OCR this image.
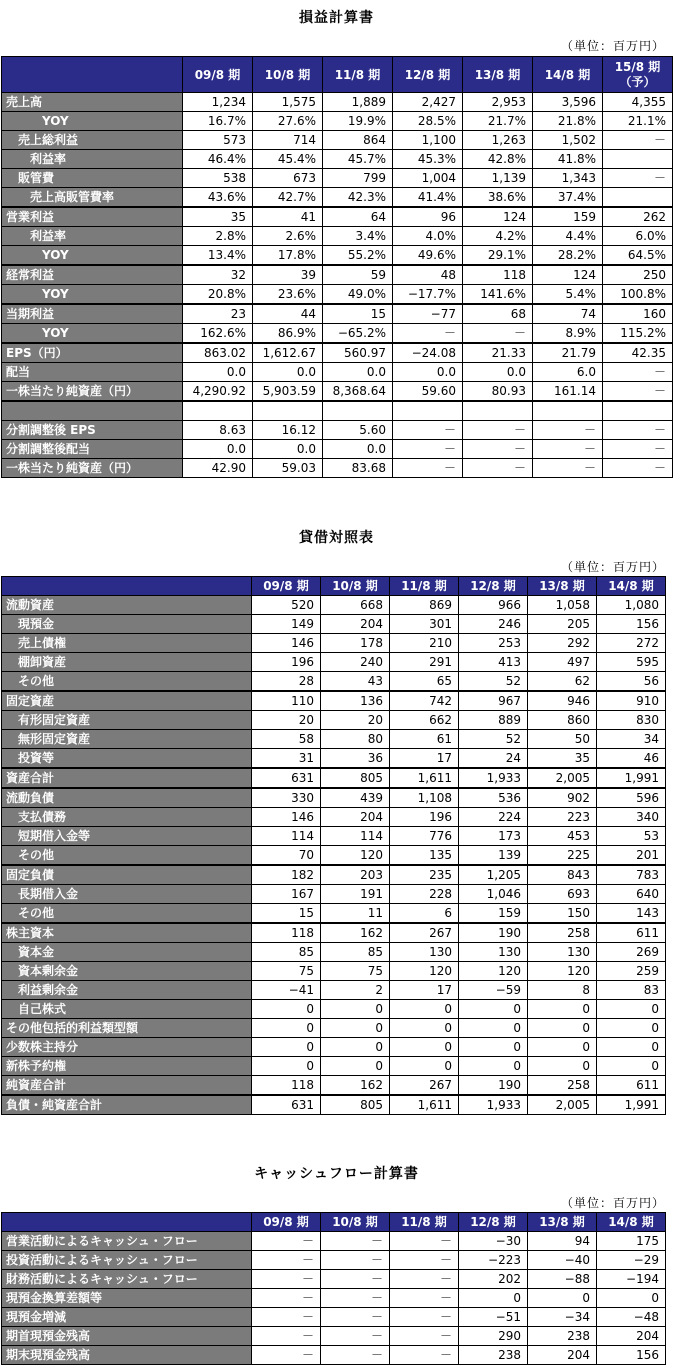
損益計算書
（単位：百万円）
	09/8 期	10/8 期	11/8 期	12/8 期	13/8 期	14/8 期	15/8 期（予）
売上高	1,234	1,575	1,889	2,427	2,953	3,596	4,355
YOY	16.7%	27.6%	19.9%	28.5%	21.7%	21.8%	21.1%
売上総利益	573	714	864	1,100	1,263	1,502	－
利益率	46.4%	45.4%	45.7%	45.3%	42.8%	41.8%	
販管費	538	673	799	1,004	1,139	1,343	－
売上高販管費率	43.6%	42.7%	42.3%	41.4%	38.6%	37.4%	
営業利益	35	41	64	96	124	159	262
利益率	2.8%	2.6%	3.4%	4.0%	4.2%	4.4%	6.0%
YOY	13.4%	17.8%	55.2%	49.6%	29.1%	28.2%	64.5%
経常利益	32	39	59	48	118	124	250
YOY	20.8%	23.6%	49.0%	−17.7%	141.6%	5.4%	100.8%
当期利益	23	44	15	−77	68	74	160
YOY	162.6%	86.9%	−65.2%	－	－	8.9%	115.2%
EPS（円）	863.02	1,612.67	560.97	−24.08	21.33	21.79	42.35
配当	0.0	0.0	0.0	0.0	0.0	6.0	－
一株当たり純資産（円）	4,290.92	5,903.59	8,368.64	59.60	80.93	161.14	－

分割調整後 EPS	8.63	16.12	5.60	－	－	－	－
分割調整後配当	0.0	0.0	0.0	－	－	－	－
一株当たり純資産（円）	42.90	59.03	83.68	－	－	－	－
貸借対照表
（単位：百万円）
	09/8 期	10/8 期	11/8 期	12/8 期	13/8 期	14/8 期
流動資産	520	668	869	966	1,058	1,080
現預金	149	204	301	246	205	156
売上債権	146	178	210	253	292	272
棚卸資産	196	240	291	413	497	595
その他	28	43	65	52	62	56
固定資産	110	136	742	967	946	910
有形固定資産	20	20	662	889	860	830
無形固定資産	58	80	61	52	50	34
投資等	31	36	17	24	35	46
資産合計	631	805	1,611	1,933	2,005	1,991
流動負債	330	439	1,108	536	902	596
支払債務	146	204	196	224	223	340
短期借入金等	114	114	776	173	453	53
その他	70	120	135	139	225	201
固定負債	182	203	235	1,205	843	783
長期借入金	167	191	228	1,046	693	640
その他	15	11	6	159	150	143
株主資本	118	162	267	190	258	611
資本金	85	85	130	130	130	269
資本剰余金	75	75	120	120	120	259
利益剰余金	−41	2	17	−59	8	83
自己株式	0	0	0	0	0	0
その他包括的利益類型額	0	0	0	0	0	0
少数株主持分	0	0	0	0	0	0
新株予約権	0	0	0	0	0	0
純資産合計	118	162	267	190	258	611
負債・純資産合計	631	805	1,611	1,933	2,005	1,991
キャッシュフロー計算書
（単位：百万円）
	09/8 期	10/8 期	11/8 期	12/8 期	13/8 期	14/8 期
営業活動によるキャッシュ・フロー	－	－	－	−30	94	175
投資活動によるキャッシュ・フロー	－	－	－	−223	−40	−29
財務活動によるキャッシュ・フロー	－	－	－	202	−88	−194
現預金換算差額等	－	－	－	0	0	0
現預金増減	－	－	－	−51	−34	−48
期首現預金残高	－	－	－	290	238	204
期末現預金残高	－	－	－	238	204	156
